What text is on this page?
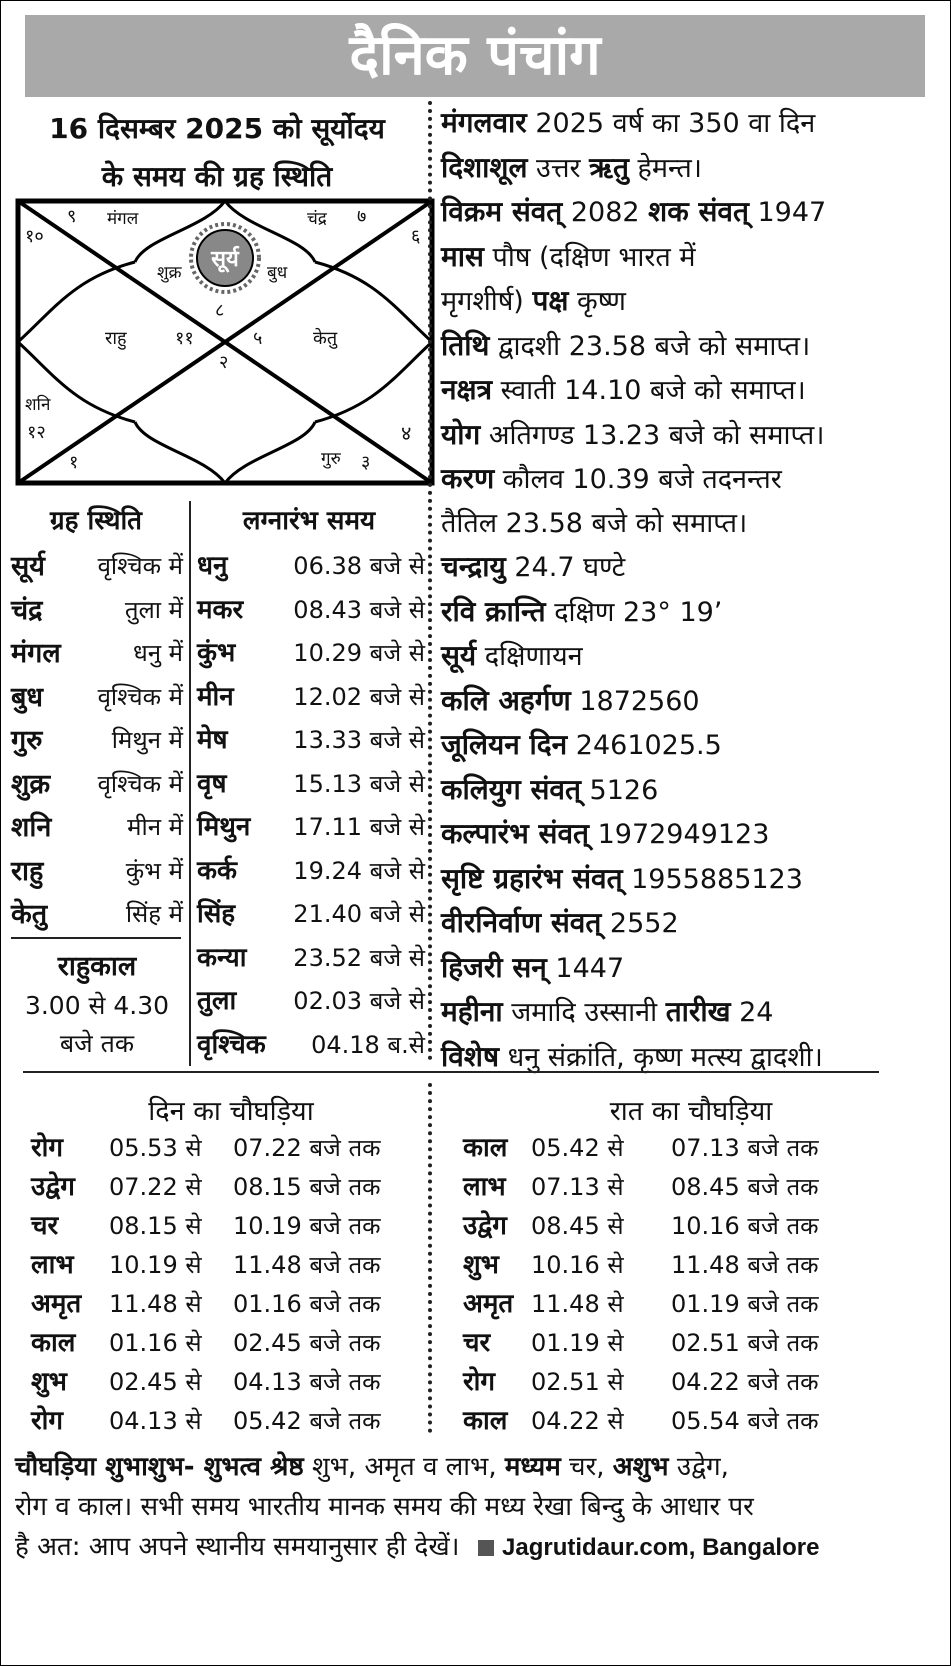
दैनिक पंचांग
16 दिसम्बर 2025 को सूर्योदय
के समय की ग्रह स्थिति
सूर्य
९ मंगल	चंद्र ७
१०	६
शुक्र	बुध
८
राहु	११	५	केतु
२
शनि
१२	४
१	गुरु ३
मंगलवार 2025 वर्ष का 350 वा दिन
दिशाशूल उत्तर ऋतु हेमन्त।
विक्रम संवत् 2082 शक संवत् 1947
मास पौष (दक्षिण भारत में
मृगशीर्ष) पक्ष कृष्ण
तिथि द्वादशी 23.58 बजे को समाप्त।
नक्षत्र स्वाती 14.10 बजे को समाप्त।
योग अतिगण्ड 13.23 बजे को समाप्त।
करण कौलव 10.39 बजे तदनन्तर
तैतिल 23.58 बजे को समाप्त।
चन्द्रायु 24.7 घण्टे
रवि क्रान्ति दक्षिण 23° 19’
सूर्य दक्षिणायन
कलि अहर्गण 1872560
जूलियन दिन 2461025.5
कलियुग संवत् 5126
कल्पारंभ संवत् 1972949123
सृष्टि ग्रहारंभ संवत् 1955885123
वीरनिर्वाण संवत् 2552
हिजरी सन् 1447
महीना जमादि उस्सानी तारीख 24
विशेष धनु संक्रांति, कृष्ण मत्स्य द्वादशी।
ग्रह स्थिति
सूर्य वृश्चिक में
चंद्र	तुला में
मंगल	धनु में
बुध वृश्चिक में
गुरु	मिथुन में
शुक्र वृश्चिक में
शनि	मीन में
राहु	कुंभ में
केतु	सिंह में
राहुकाल
3.00 से 4.30
बजे तक
लग्नारंभ समय
धनु	06.38 बजे से
मकर 08.43 बजे से
कुंभ 10.29 बजे से
मीन 12.02 बजे से
मेष	13.33 बजे से
वृष	15.13 बजे से
मिथुन 17.11 बजे से
कर्क 19.24 बजे से
सिंह 21.40 बजे से
कन्या 23.52 बजे से
तुला 02.03 बजे से
वृश्चिक 04.18 ब.से
दिन का चौघड़िया
रोग	05.53 से	07.22 बजे तक
उद्वेग	07.22 से	08.15 बजे तक
चर	08.15 से	10.19 बजे तक
लाभ	10.19 से	11.48 बजे तक
अमृत	11.48 से	01.16 बजे तक
काल	01.16 से	02.45 बजे तक
शुभ	02.45 से	04.13 बजे तक
रोग	04.13 से	05.42 बजे तक
रात का चौघड़िया
काल 05.42 से	07.13 बजे तक
लाभ	07.13 से	08.45 बजे तक
उद्वेग	08.45 से	10.16 बजे तक
शुभ	10.16 से	11.48 बजे तक
अमृत 11.48 से	01.19 बजे तक
चर	01.19 से	02.51 बजे तक
रोग	02.51 से	04.22 बजे तक
काल 04.22 से	05.54 बजे तक
चौघड़िया शुभाशुभ- शुभत्व श्रेष्ठ शुभ, अमृत व लाभ, मध्यम चर, अशुभ उद्वेग,
रोग व काल। सभी समय भारतीय मानक समय की मध्य रेखा बिन्दु के आधार पर
है अत: आप अपने स्थानीय समयानुसार ही देखें। Jagrutidaur.com, Bangalore
